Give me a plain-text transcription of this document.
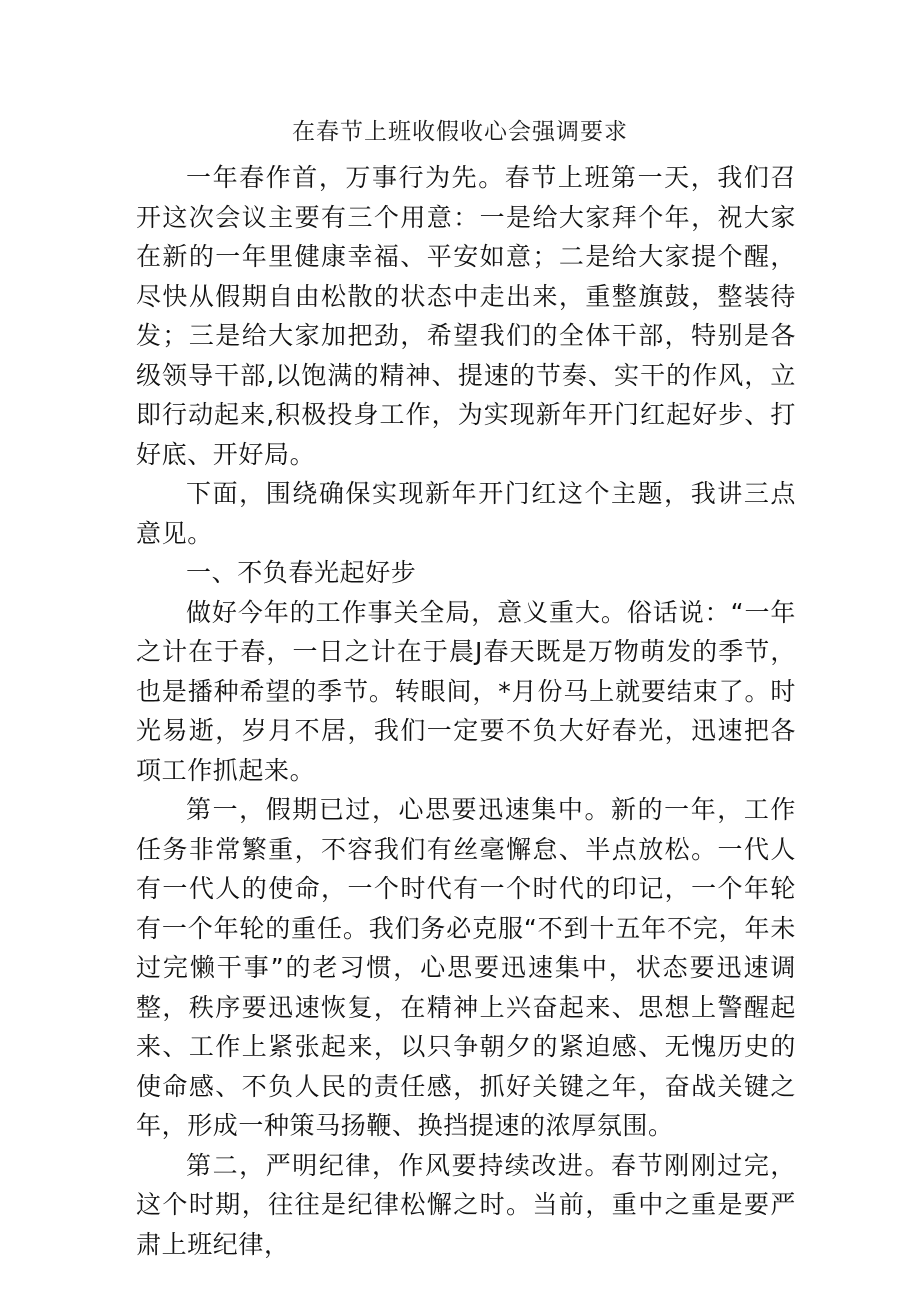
在春节上班收假收心会强调要求

一年春作首，万事行为先。春节上班第一天，我们召开这次会议主要有三个用意：一是给大家拜个年，祝大家在新的一年里健康幸福、平安如意；二是给大家提个醒，尽快从假期自由松散的状态中走出来，重整旗鼓，整装待发；三是给大家加把劲，希望我们的全体干部，特别是各级领导干部,以饱满的精神、提速的节奏、实干的作风，立即行动起来,积极投身工作，为实现新年开门红起好步、打好底、开好局。

下面，围绕确保实现新年开门红这个主题，我讲三点意见。

一、不负春光起好步

做好今年的工作事关全局，意义重大。俗话说：“一年之计在于春，一日之计在于晨J春天既是万物萌发的季节，也是播种希望的季节。转眼间，*月份马上就要结束了。时光易逝，岁月不居，我们一定要不负大好春光，迅速把各项工作抓起来。

第一，假期已过，心思要迅速集中。新的一年，工作任务非常繁重，不容我们有丝毫懈怠、半点放松。一代人有一代人的使命，一个时代有一个时代的印记，一个年轮有一个年轮的重任。我们务必克服“不到十五年不完，年未过完懒干事”的老习惯，心思要迅速集中，状态要迅速调整，秩序要迅速恢复，在精神上兴奋起来、思想上警醒起来、工作上紧张起来，以只争朝夕的紧迫感、无愧历史的使命感、不负人民的责任感，抓好关键之年，奋战关键之年，形成一种策马扬鞭、换挡提速的浓厚氛围。

第二，严明纪律，作风要持续改进。春节刚刚过完，这个时期，往往是纪律松懈之时。当前，重中之重是要严肃上班纪律，
